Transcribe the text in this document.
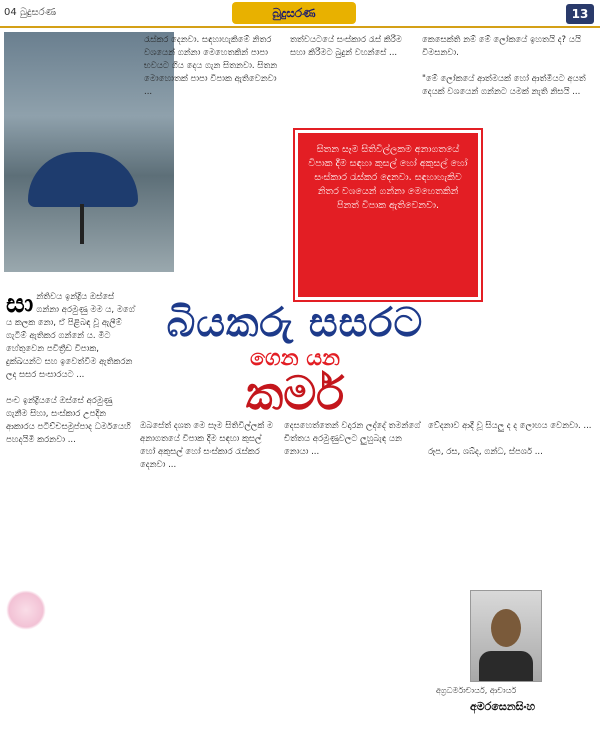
04 බුදුසරණ	බුදුසරණ	13

සාන්තිවය ඉන්ද්‍රිය ඔස්සේ ගන්නා අරමුණු මම ය, මගේ ය කලක නො, ඒ පිළිබඳ වූ ඇලීම් ගැටීම් ඇතිකර ගන්නේ ය. මීට හේතුවෙන පවිත්‍රීඩ විපාක, දුක්ඛයන්ට සහ ඉවෙත්වීම ඇතිකරන ලද සසර සංසාරයට ...

පංච ඉන්ද්‍රියයේ ඔස්සේ අරමුණු ගැනීම සිහා, සංස්කාර උපදින ආකාරය පටිච්චසමුප්පාද ධර්මයෙහි පහදයිමී කරනවා ...

රැස්කර දෙනවා. සඳහාහැකිමේ නිතර වශයෙන් ගන්නා මෙහෙතකින් පාපා භවයට ගිය දෙය ගැන සිතනවා. සිතන මොහොතක් පාපා විපාක ඇතිවෙනවා ...
තත්වයටයේ සංස්කාර රැස් කිරීම සහා කිරීමට බුදුන් වහන්සේ ...
කෙසෙක්ති නම් මේ ලෝකයේ ඉහතයි ද? යයි විමසනවා.

"මේ ලෝකයේ ආත්මයක් හෝ ආත්මීයට අයත් දෙයක් වශයෙන් ගන්නට යමක් නැති නිසයි ...
සිතන සෑම සිතිවිල්ලකම අනාගතයේ විපාක දීම සඳහා කුසල් හෝ අකුසල් හෝ සංස්කාර රැස්කර දෙනවා. සඳහාහැකිව නිතර වශයෙන් ගන්නා මෙහෙතකින් පිනත් විපාක ඇතිවෙනවා.
බියකරු සසරට
ගෙන යන
කර්ම
ඔබසේත් දශත මෙ සෑම සිතිවිල්ලක් ම අනාගතයේ විපාක දීම සඳහා කුසල් හෝ අකුසල් හෝ සංස්කාර රැස්කර දෙනවා ...
දෙසහෙත්තෙන් වදාරන ලද්දේ තමන්ගේ චිත්තය අරමුණුවලට ලුහුබැඳ යන නොයා ...
වේදනාව ආදී වූ සියලු ද ද ලොහය වෙනවා. ...

රූප, රස, ශබ්ද, ගන්ධ, ස්පර්ශ ...
අග්‍රධර්මාචාර්ය, ආචාර්ය
අමරසෙනසිංහ
